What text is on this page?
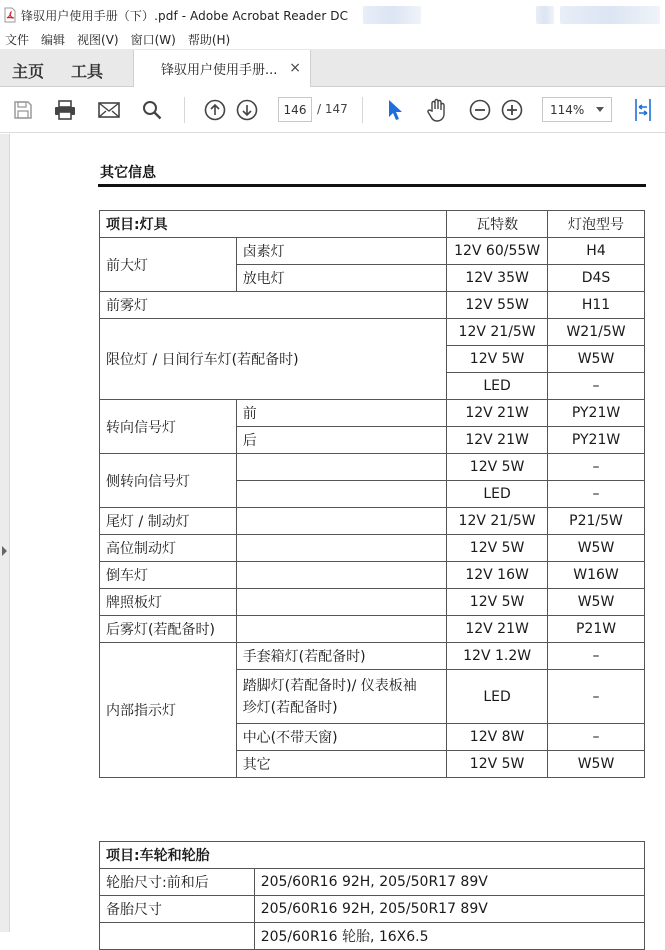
锋驭用户使用手册（下）.pdf - Adobe Acrobat Reader DC
文件	编辑	视图(V)	窗口(W)	帮助(H)
主页 工具	锋驭用户使用手册... ×
146 / 147	114%
其它信息
项目:灯具		瓦特数	灯泡型号
前大灯	卤素灯	12V 60/55W	H4
	放电灯	12V 35W	D4S
前雾灯		12V 55W	H11
限位灯 / 日间行车灯(若配备时)		12V 21/5W	W21/5W
		12V 5W	W5W
		LED	–
转向信号灯	前	12V 21W	PY21W
	后	12V 21W	PY21W
侧转向信号灯		12V 5W	–
		LED	–
尾灯 / 制动灯		12V 21/5W	P21/5W
高位制动灯		12V 5W	W5W
倒车灯		12V 16W	W16W
牌照板灯		12V 5W	W5W
后雾灯(若配备时)		12V 21W	P21W
内部指示灯	手套箱灯(若配备时)	12V 1.2W	–

	踏脚灯(若配备时)/ 仪表板袖
珍灯(若配备时)	LED	–
	中心(不带天窗)	12V 8W	–
	其它	12V 5W	W5W
项目:车轮和轮胎	
轮胎尺寸:前和后	205/60R16 92H, 205/50R17 89V
备胎尺寸	205/60R16 92H, 205/50R17 89V
	205/60R16 轮胎, 16X6.5
